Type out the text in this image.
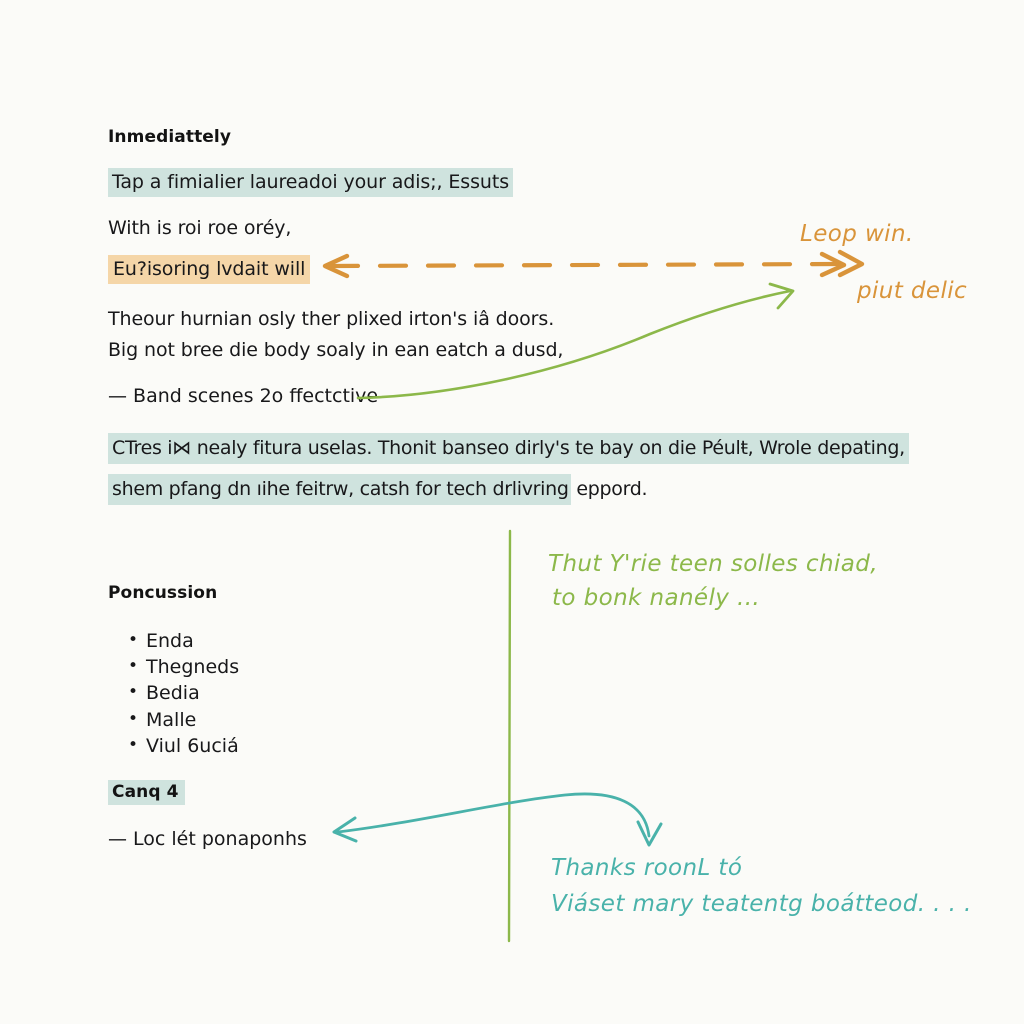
Inmediattely
Tap a fimialier laureadoi your adis;, Essuts
With is roi roe oréy,
Eu?isoring lvdait will
Theour hurnian osly ther plixed irton's iâ doors.
Big not bree die body soaly in ean eatch a dusd,
— Band scenes 2o ffectctive
CTres i⋈ nealy fitura uselas. Thonit banseo dirly's te bay on die Péulŧ, Wrole depating,
shem pfang dn ıihe feitrw, catsh for tech drlivring eppord.
Poncussion
• Enda
• Thegneds
• Bedia
• Malle
• Viul 6uciá
Canq 4
— Loc lét ponaponhs
Leop win.
piut delic
Thut Y'rie teen solles chiad,
to bonk nanély ...
Thanks roonL tó
Viáset mary teatentg boátteod. . . .
